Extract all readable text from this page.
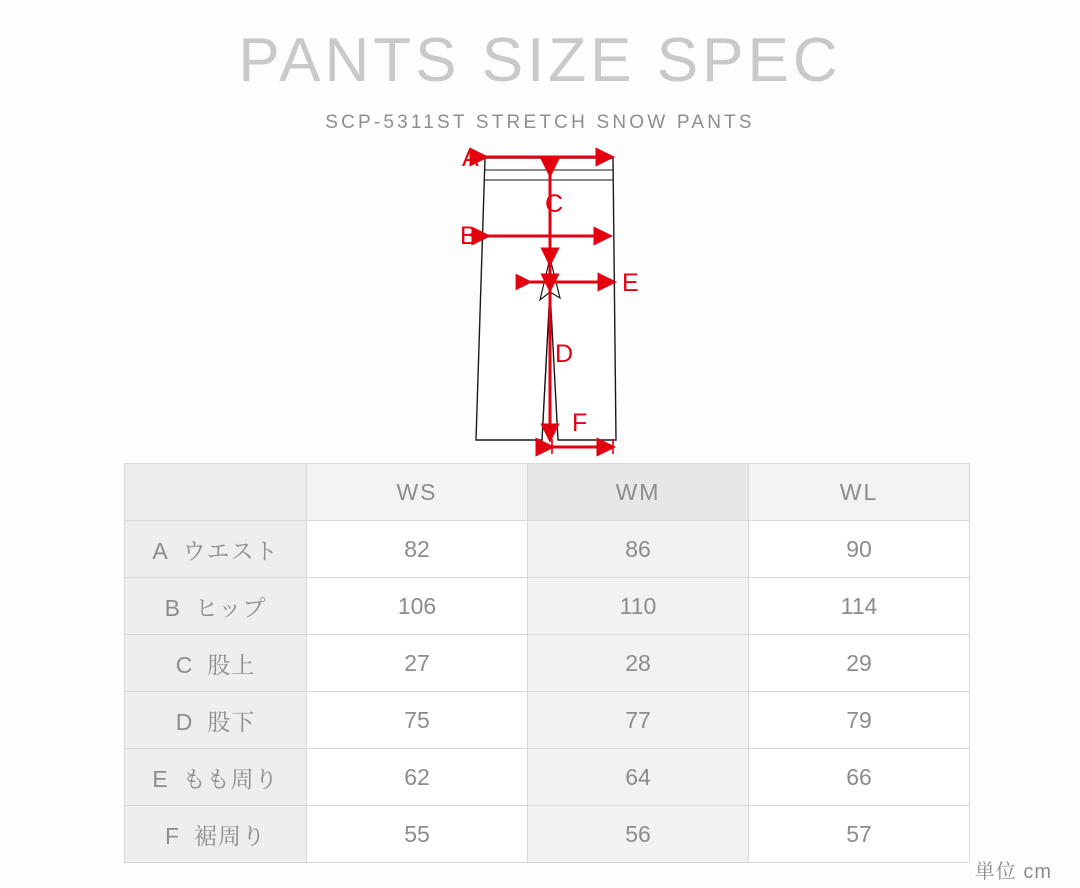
PANTS SIZE SPEC
SCP-5311ST STRETCH SNOW PANTS
A
C
B
E
D
F
	WS	WM	WL
A ウエスト	82	86	90
B ヒップ	106	110	114
C 股上	27	28	29
D 股下	75	77	79
E もも周り	62	64	66
F 裾周り	55	56	57
単位 cm
